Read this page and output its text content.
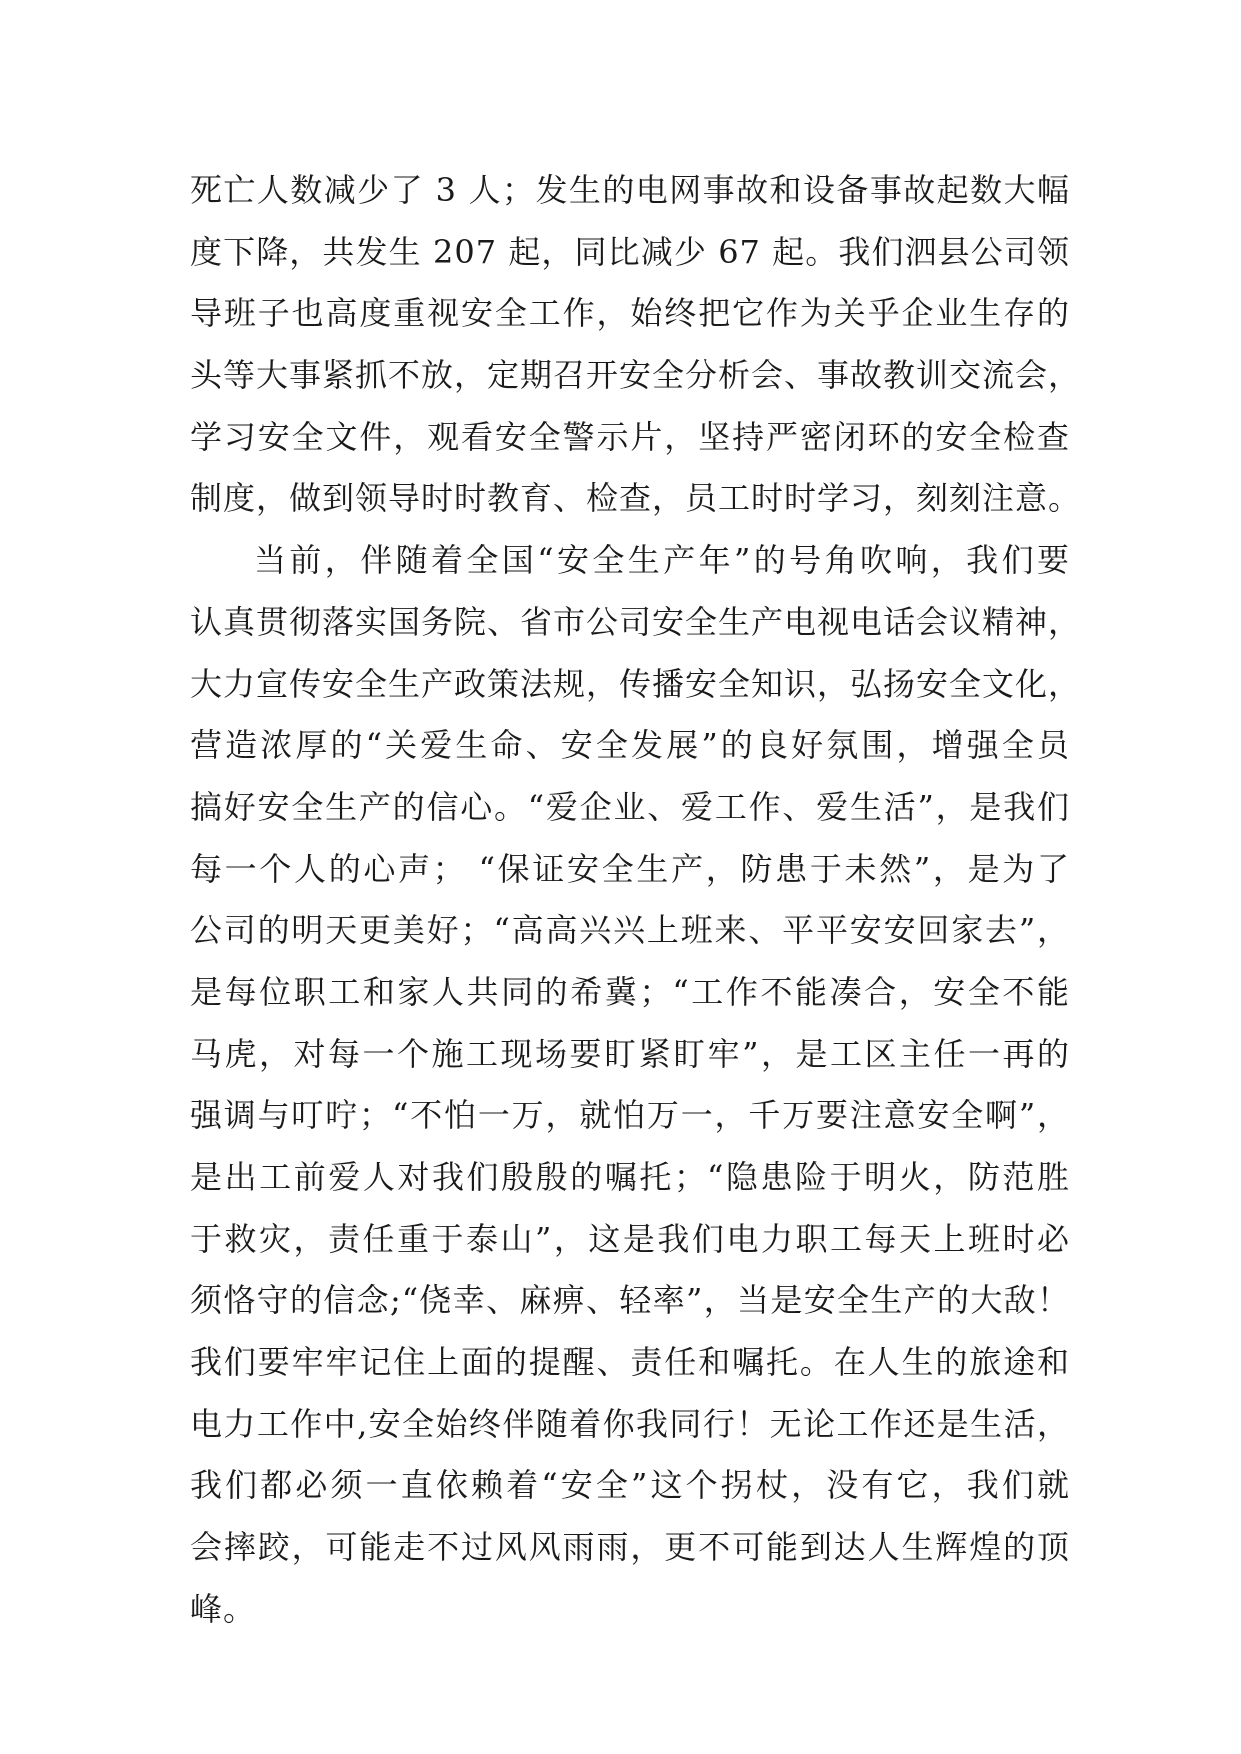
死亡人数减少了 3 人；发生的电网事故和设备事故起数大幅
度下降，共发生 207 起，同比减少 67 起。我们泗县公司领
导班子也高度重视安全工作，始终把它作为关乎企业生存的
头等大事紧抓不放，定期召开安全分析会、事故教训交流会，
学习安全文件，观看安全警示片，坚持严密闭环的安全检查
制度，做到领导时时教育、检查，员工时时学习，刻刻注意。
当前，伴随着全国“安全生产年”的号角吹响，我们要
认真贯彻落实国务院、省市公司安全生产电视电话会议精神，
大力宣传安全生产政策法规，传播安全知识，弘扬安全文化，
营造浓厚的“关爱生命、安全发展”的良好氛围，增强全员
搞好安全生产的信心。“爱企业、爱工作、爱生活”，是我们
每一个人的心声； “保证安全生产，防患于未然”，是为了
公司的明天更美好；“高高兴兴上班来、平平安安回家去”，
是每位职工和家人共同的希冀；“工作不能凑合，安全不能
马虎，对每一个施工现场要盯紧盯牢”，是工区主任一再的
强调与叮咛；“不怕一万，就怕万一，千万要注意安全啊”，
是出工前爱人对我们殷殷的嘱托；“隐患险于明火，防范胜
于救灾，责任重于泰山”，这是我们电力职工每天上班时必
须恪守的信念;“侥幸、麻痹、轻率”，当是安全生产的大敌！
我们要牢牢记住上面的提醒、责任和嘱托。在人生的旅途和
电力工作中,安全始终伴随着你我同行！无论工作还是生活，
我们都必须一直依赖着“安全”这个拐杖，没有它，我们就
会摔跤，可能走不过风风雨雨，更不可能到达人生辉煌的顶
峰。
